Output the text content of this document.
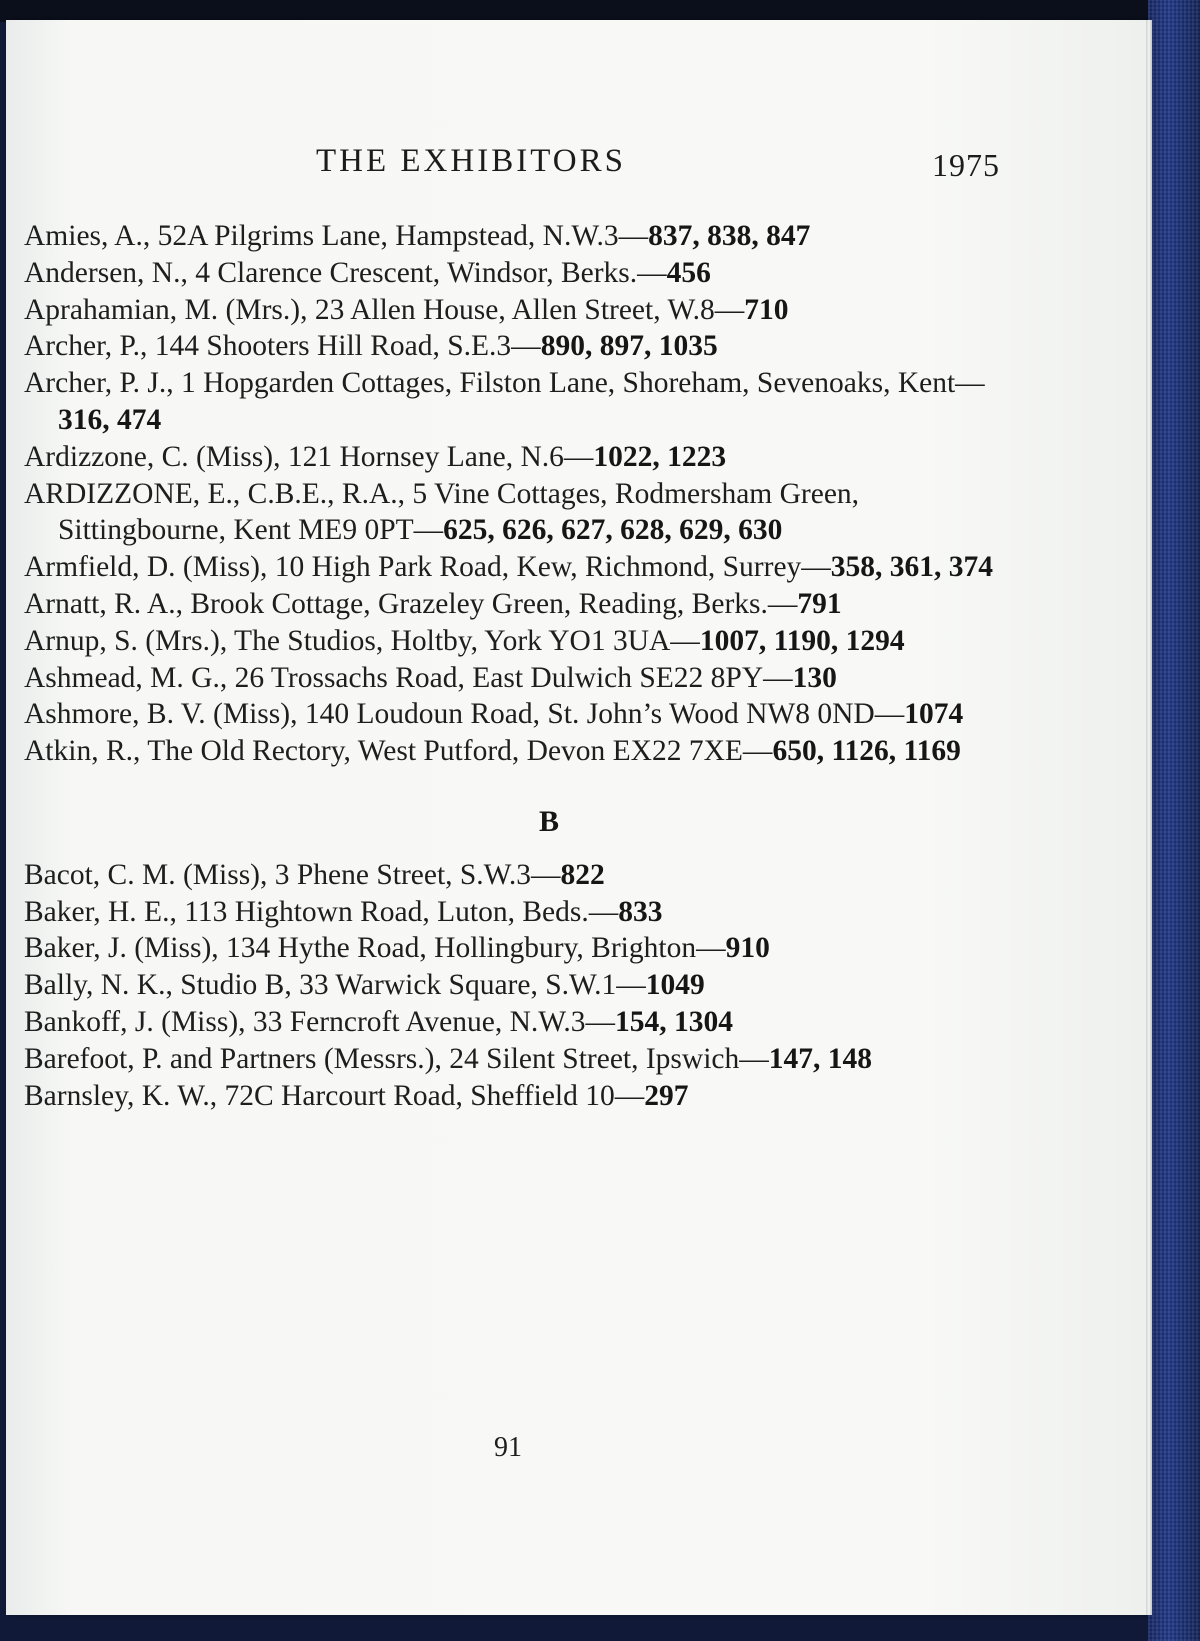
THE EXHIBITORS	1975

Amies, A., 52A Pilgrims Lane, Hampstead, N.W.3—837, 838, 847

Andersen, N., 4 Clarence Crescent, Windsor, Berks.—456

Aprahamian, M. (Mrs.), 23 Allen House, Allen Street, W.8—710

Archer, P., 144 Shooters Hill Road, S.E.3—890, 897, 1035

Archer, P. J., 1 Hopgarden Cottages, Filston Lane, Shoreham, Sevenoaks, Kent—316, 474

Ardizzone, C. (Miss), 121 Hornsey Lane, N.6—1022, 1223

ARDIZZONE, E., C.B.E., R.A., 5 Vine Cottages, Rodmersham Green, Sittingbourne, Kent ME9 0PT—625, 626, 627, 628, 629, 630

Armfield, D. (Miss), 10 High Park Road, Kew, Richmond, Surrey—358, 361, 374

Arnatt, R. A., Brook Cottage, Grazeley Green, Reading, Berks.—791

Arnup, S. (Mrs.), The Studios, Holtby, York YO1 3UA—1007, 1190, 1294

Ashmead, M. G., 26 Trossachs Road, East Dulwich SE22 8PY—130

Ashmore, B. V. (Miss), 140 Loudoun Road, St. John’s Wood NW8 0ND—1074

Atkin, R., The Old Rectory, West Putford, Devon EX22 7XE—650, 1126, 1169

B

Bacot, C. M. (Miss), 3 Phene Street, S.W.3—822

Baker, H. E., 113 Hightown Road, Luton, Beds.—833

Baker, J. (Miss), 134 Hythe Road, Hollingbury, Brighton—910

Bally, N. K., Studio B, 33 Warwick Square, S.W.1—1049

Bankoff, J. (Miss), 33 Ferncroft Avenue, N.W.3—154, 1304

Barefoot, P. and Partners (Messrs.), 24 Silent Street, Ipswich—147, 148

Barnsley, K. W., 72C Harcourt Road, Sheffield 10—297

91
